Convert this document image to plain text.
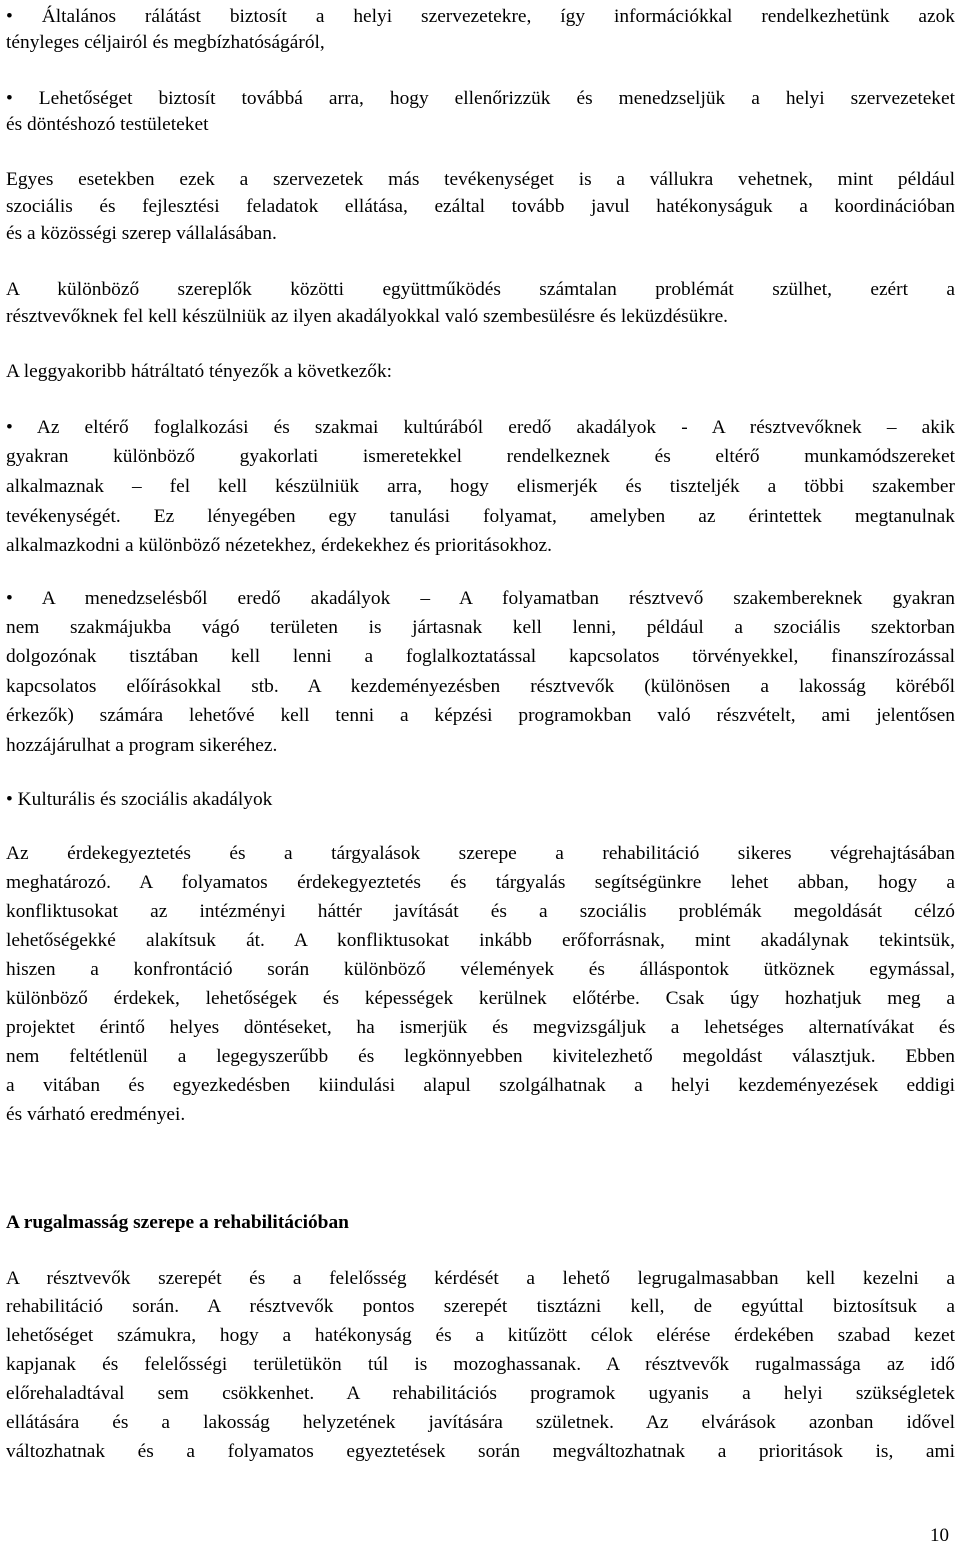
• Általános rálátást biztosít a helyi szervezetekre, így információkkal rendelkezhetünk azok
tényleges céljairól és megbízhatóságáról,
• Lehetőséget biztosít továbbá arra, hogy ellenőrizzük és menedzseljük a helyi szervezeteket
és döntéshozó testületeket
Egyes esetekben ezek a szervezetek más tevékenységet is a vállukra vehetnek, mint például
szociális és fejlesztési feladatok ellátása, ezáltal tovább javul hatékonyságuk a koordinációban
és a közösségi szerep vállalásában.
A különböző szereplők közötti együttműködés számtalan problémát szülhet, ezért a
résztvevőknek fel kell készülniük az ilyen akadályokkal való szembesülésre és leküzdésükre.
A leggyakoribb hátráltató tényezők a következők:
• Az eltérő foglalkozási és szakmai kultúrából eredő akadályok - A résztvevőknek – akik
gyakran különböző gyakorlati ismeretekkel rendelkeznek és eltérő munkamódszereket
alkalmaznak – fel kell készülniük arra, hogy elismerjék és tiszteljék a többi szakember
tevékenységét. Ez lényegében egy tanulási folyamat, amelyben az érintettek megtanulnak
alkalmazkodni a különböző nézetekhez, érdekekhez és prioritásokhoz.
• A menedzselésből eredő akadályok – A folyamatban résztvevő szakembereknek gyakran
nem szakmájukba vágó területen is jártasnak kell lenni, például a szociális szektorban
dolgozónak tisztában kell lenni a foglalkoztatással kapcsolatos törvényekkel, finanszírozással
kapcsolatos előírásokkal stb. A kezdeményezésben résztvevők (különösen a lakosság köréből
érkezők) számára lehetővé kell tenni a képzési programokban való részvételt, ami jelentősen
hozzájárulhat a program sikeréhez.
• Kulturális és szociális akadályok
Az érdekegyeztetés és a tárgyalások szerepe a rehabilitáció sikeres végrehajtásában
meghatározó. A folyamatos érdekegyeztetés és tárgyalás segítségünkre lehet abban, hogy a
konfliktusokat az intézményi háttér javítását és a szociális problémák megoldását célzó
lehetőségekké alakítsuk át. A konfliktusokat inkább erőforrásnak, mint akadálynak tekintsük,
hiszen a konfrontáció során különböző vélemények és álláspontok ütköznek egymással,
különböző érdekek, lehetőségek és képességek kerülnek előtérbe. Csak úgy hozhatjuk meg a
projektet érintő helyes döntéseket, ha ismerjük és megvizsgáljuk a lehetséges alternatívákat és
nem feltétlenül a legegyszerűbb és legkönnyebben kivitelezhető megoldást választjuk. Ebben
a vitában és egyezkedésben kiindulási alapul szolgálhatnak a helyi kezdeményezések eddigi
és várható eredményei.
A rugalmasság szerepe a rehabilitációban
A résztvevők szerepét és a felelősség kérdését a lehető legrugalmasabban kell kezelni a
rehabilitáció során. A résztvevők pontos szerepét tisztázni kell, de egyúttal biztosítsuk a
lehetőséget számukra, hogy a hatékonyság és a kitűzött célok elérése érdekében szabad kezet
kapjanak és felelősségi területükön túl is mozoghassanak. A résztvevők rugalmassága az idő
előrehaladtával sem csökkenhet. A rehabilitációs programok ugyanis a helyi szükségletek
ellátására és a lakosság helyzetének javítására születnek. Az elvárások azonban idővel
változhatnak és a folyamatos egyeztetések során megváltozhatnak a prioritások is, ami
10
